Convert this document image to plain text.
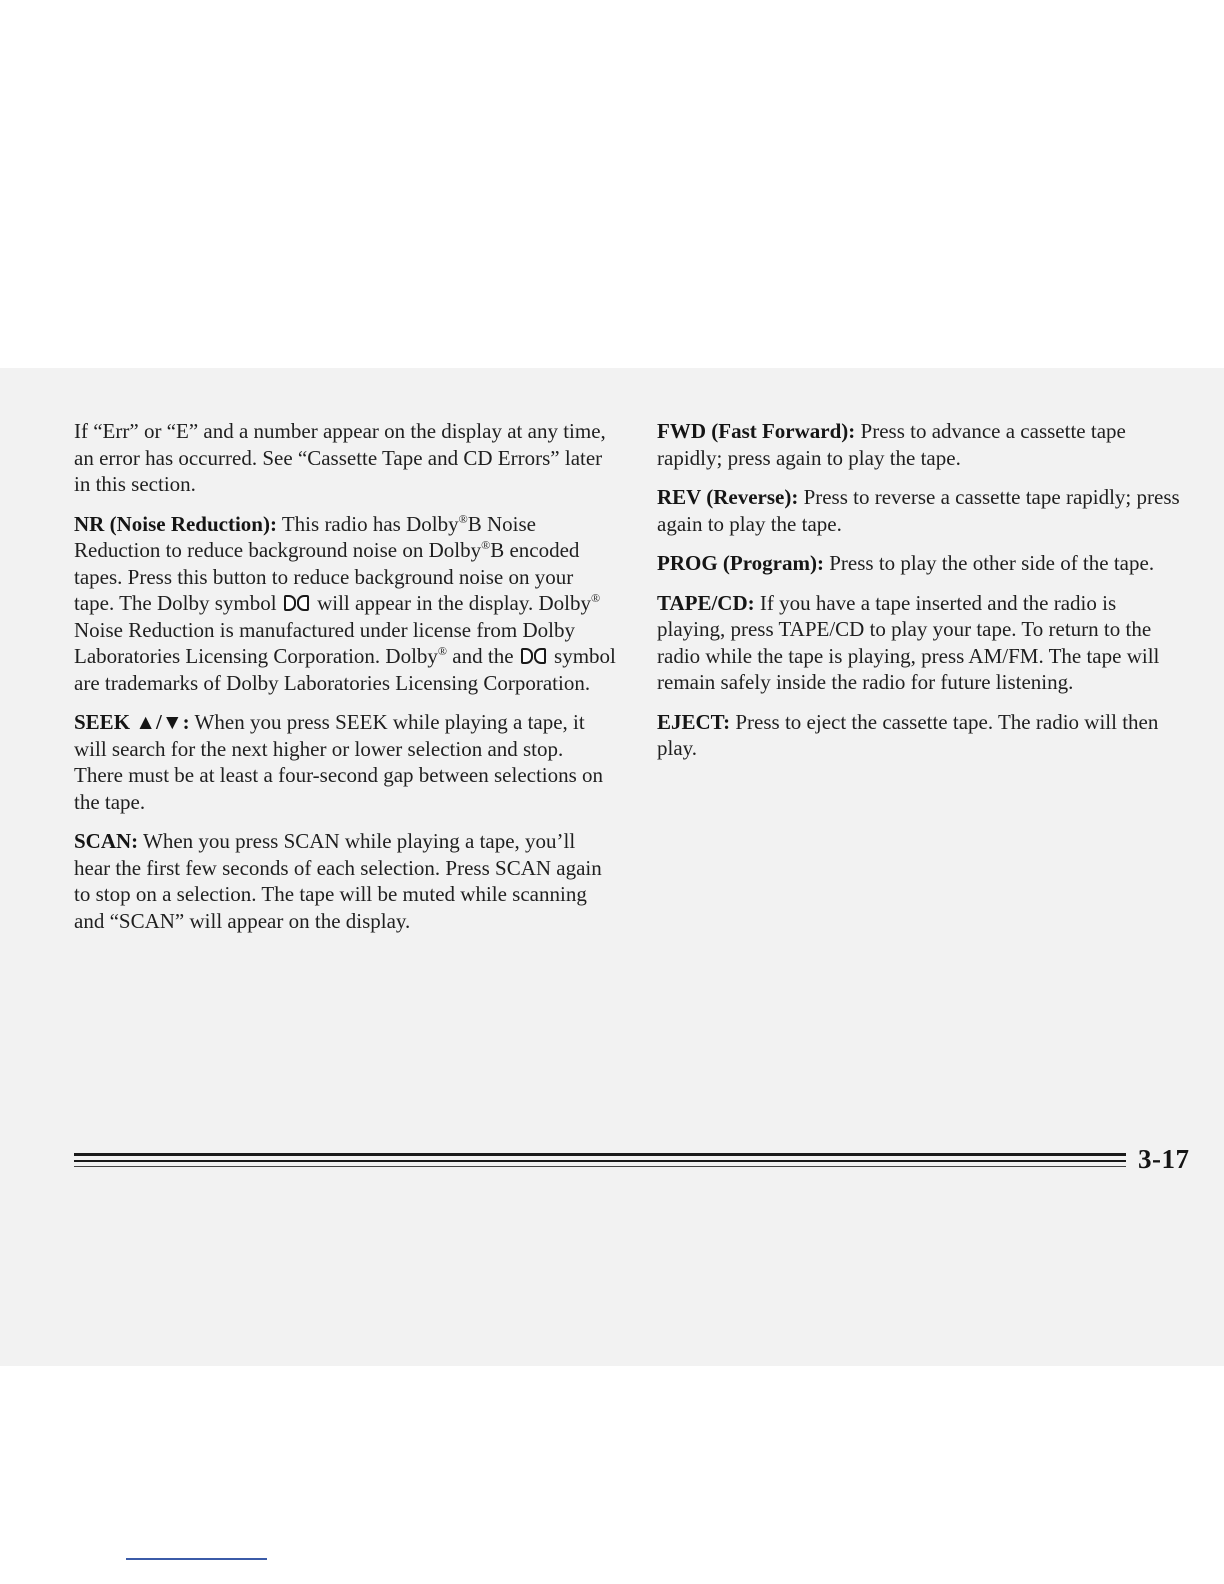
If “Err” or “E” and a number appear on the display at any time, an error has occurred. See “Cassette Tape and CD Errors” later in this section.

NR (Noise Reduction): This radio has Dolby®B Noise Reduction to reduce background noise on Dolby®B encoded tapes. Press this button to reduce background noise on your tape. The Dolby symbol
will appear in the display. Dolby® Noise Reduction is manufactured under license from Dolby Laboratories Licensing Corporation. Dolby® and the
symbol are trademarks of Dolby Laboratories Licensing Corporation.

SEEK ▲/▼: When you press SEEK while playing a tape, it will search for the next higher or lower selection and stop. There must be at least a four-second gap between selections on the tape.

SCAN: When you press SCAN while playing a tape, you’ll hear the first few seconds of each selection. Press SCAN again to stop on a selection. The tape will be muted while scanning and “SCAN” will appear on the display.

FWD (Fast Forward): Press to advance a cassette tape rapidly; press again to play the tape.

REV (Reverse): Press to reverse a cassette tape rapidly; press again to play the tape.

PROG (Program): Press to play the other side of the tape.

TAPE/CD: If you have a tape inserted and the radio is playing, press TAPE/CD to play your tape. To return to the radio while the tape is playing, press AM/FM. The tape will remain safely inside the radio for future listening.

EJECT: Press to eject the cassette tape. The radio will then play.

3-17
